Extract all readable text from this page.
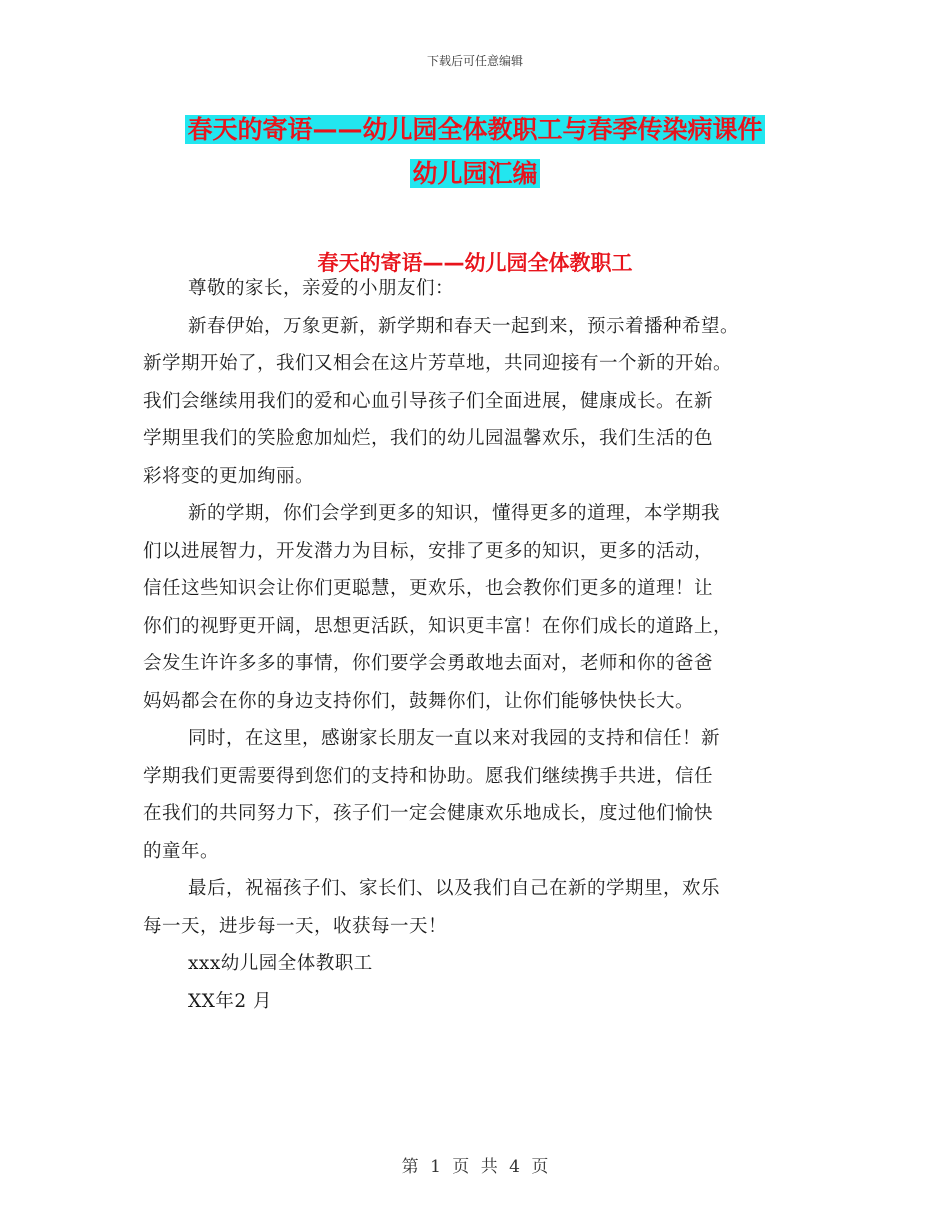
下载后可任意编辑
春天的寄语——幼儿园全体教职工与春季传染病课件
幼儿园汇编
春天的寄语——幼儿园全体教职工
尊敬的家长，亲爱的小朋友们：
新春伊始，万象更新，新学期和春天一起到来，预示着播种希望。
新学期开始了，我们又相会在这片芳草地，共同迎接有一个新的开始。
我们会继续用我们的爱和心血引导孩子们全面进展，健康成长。在新
学期里我们的笑脸愈加灿烂，我们的幼儿园温馨欢乐，我们生活的色
彩将变的更加绚丽。
新的学期，你们会学到更多的知识，懂得更多的道理，本学期我
们以进展智力，开发潜力为目标，安排了更多的知识，更多的活动，
信任这些知识会让你们更聪慧，更欢乐，也会教你们更多的道理！让
你们的视野更开阔，思想更活跃，知识更丰富！在你们成长的道路上，
会发生许许多多的事情，你们要学会勇敢地去面对，老师和你的爸爸
妈妈都会在你的身边支持你们，鼓舞你们，让你们能够快快长大。
同时，在这里，感谢家长朋友一直以来对我园的支持和信任！新
学期我们更需要得到您们的支持和协助。愿我们继续携手共进，信任
在我们的共同努力下，孩子们一定会健康欢乐地成长，度过他们愉快
的童年。
最后，祝福孩子们、家长们、以及我们自己在新的学期里，欢乐
每一天，进步每一天，收获每一天！
xxx幼儿园全体教职工
XX年2 月
第 1 页 共 4 页
